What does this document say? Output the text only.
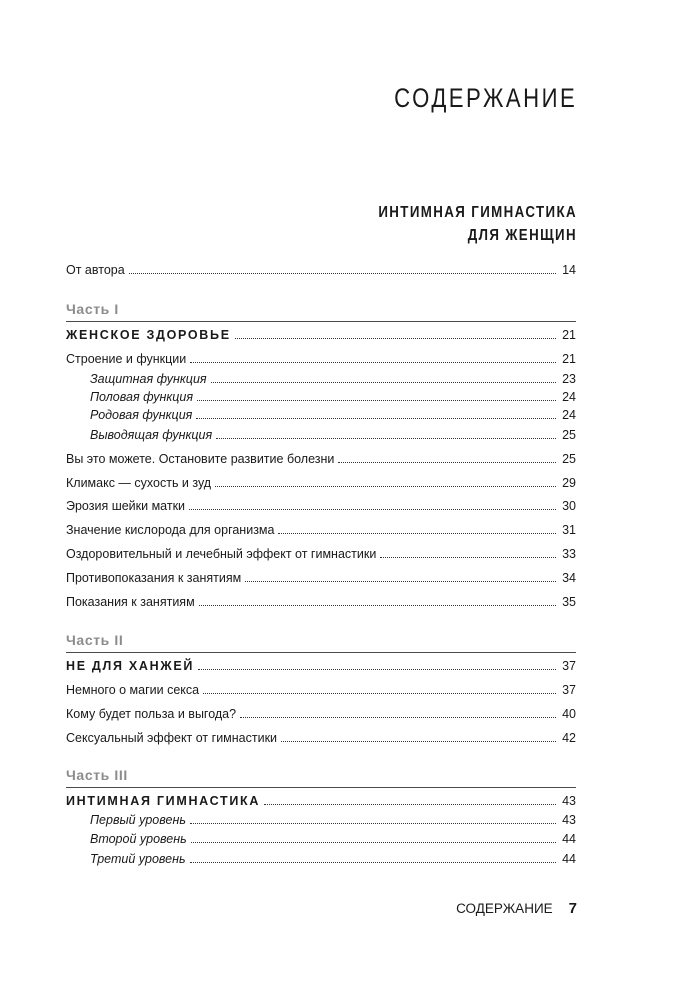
СОДЕРЖАНИЕ
ИНТИМНАЯ ГИМНАСТИКА
ДЛЯ ЖЕНЩИН
От автора	14
Часть I
ЖЕНСКОЕ ЗДОРОВЬЕ	21
Строение и функции	21
Защитная функция	23
Половая функция	24
Родовая функция	24
Выводящая функция	25
Вы это можете. Остановите развитие болезни	25
Климакс — сухость и зуд	29
Эрозия шейки матки	30
Значение кислорода для организма	31
Оздоровительный и лечебный эффект от гимнастики	33
Противопоказания к занятиям	34
Показания к занятиям	35
Часть II
НЕ ДЛЯ ХАНЖЕЙ	37
Немного о магии секса	37
Кому будет польза и выгода?	40
Сексуальный эффект от гимнастики	42
Часть III
ИНТИМНАЯ ГИМНАСТИКА	43
Первый уровень	43
Второй уровень	44
Третий уровень	44
СОДЕРЖАНИЕ 7
